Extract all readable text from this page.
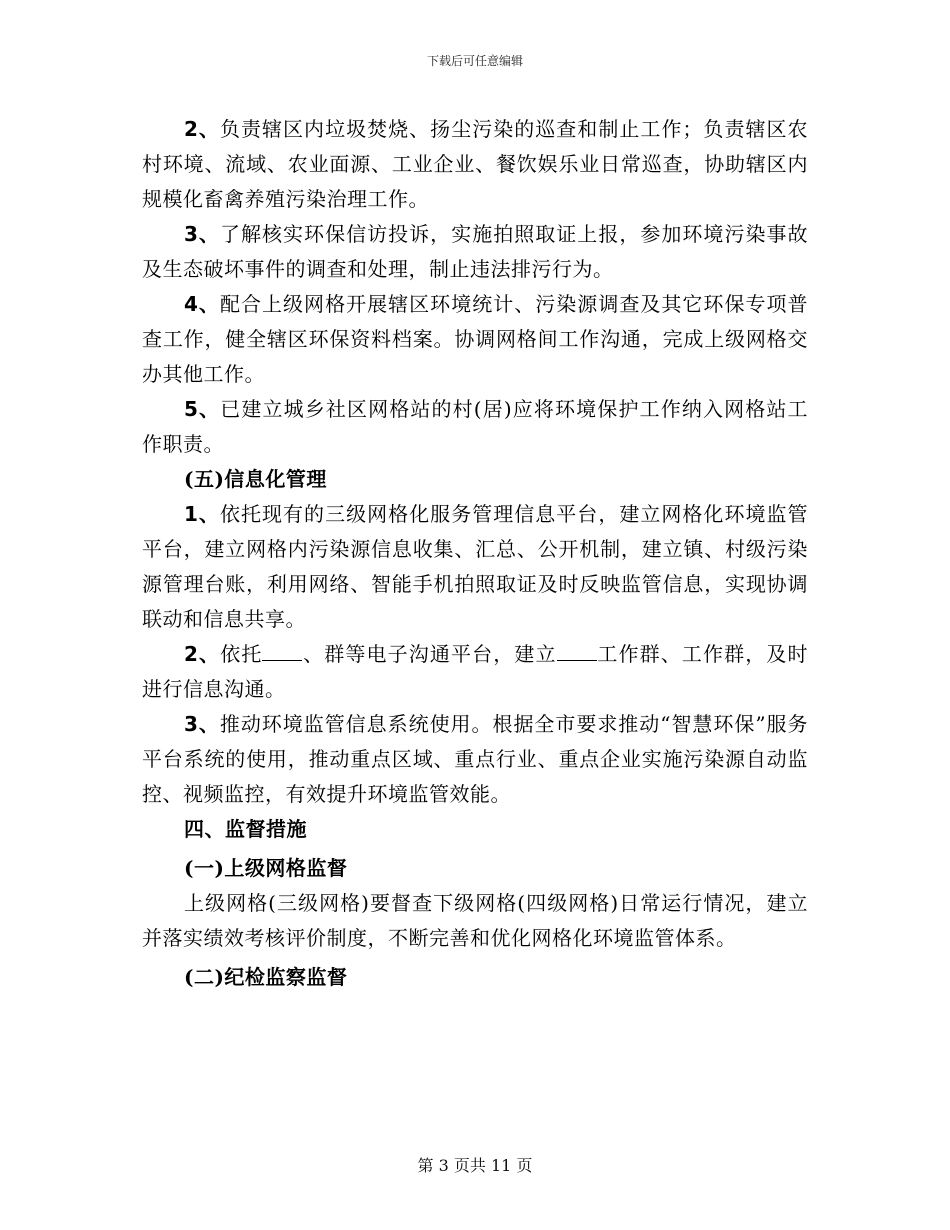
下载后可任意编辑

2、负责辖区内垃圾焚烧、扬尘污染的巡查和制止工作；负责辖区农村环境、流域、农业面源、工业企业、餐饮娱乐业日常巡查，协助辖区内规模化畜禽养殖污染治理工作。

3、了解核实环保信访投诉，实施拍照取证上报，参加环境污染事故及生态破坏事件的调查和处理，制止违法排污行为。

4、配合上级网格开展辖区环境统计、污染源调查及其它环保专项普查工作，健全辖区环保资料档案。协调网格间工作沟通，完成上级网格交办其他工作。

5、已建立城乡社区网格站的村(居)应将环境保护工作纳入网格站工作职责。

(五)信息化管理

1、依托现有的三级网格化服务管理信息平台，建立网格化环境监管平台，建立网格内污染源信息收集、汇总、公开机制，建立镇、村级污染源管理台账，利用网络、智能手机拍照取证及时反映监管信息，实现协调联动和信息共享。

2、依托 、群等电子沟通平台，建立 工作群、工作群，及时进行信息沟通。

3、推动环境监管信息系统使用。根据全市要求推动“智慧环保”服务平台系统的使用，推动重点区域、重点行业、重点企业实施污染源自动监控、视频监控，有效提升环境监管效能。

四、监督措施

(一)上级网格监督

上级网格(三级网格)要督查下级网格(四级网格)日常运行情况，建立并落实绩效考核评价制度，不断完善和优化网格化环境监管体系。

(二)纪检监察监督

第 3 页共 11 页
